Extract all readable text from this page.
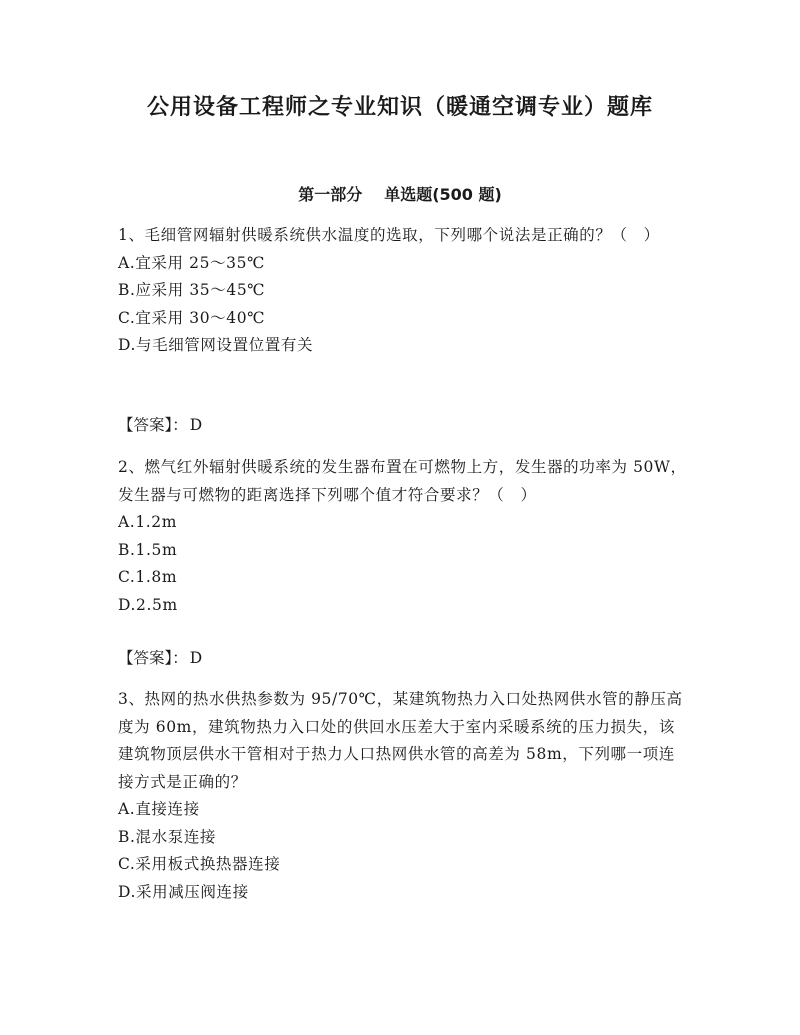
公用设备工程师之专业知识（暖通空调专业）题库
第一部分 单选题(500 题)

1、毛细管网辐射供暖系统供水温度的选取，下列哪个说法是正确的？（　）

A.宜采用 25～35℃

B.应采用 35～45℃

C.宜采用 30～40℃

D.与毛细管网设置位置有关

【答案】： D

2、燃气红外辐射供暖系统的发生器布置在可燃物上方，发生器的功率为 50W，发生器与可燃物的距离选择下列哪个值才符合要求？（　）

A.1.2m

B.1.5m

C.1.8m

D.2.5m

【答案】： D

3、热网的热水供热参数为 95/70℃，某建筑物热力入口处热网供水管的静压高度为 60m，建筑物热力入口处的供回水压差大于室内采暖系统的压力损失，该建筑物顶层供水干管相对于热力人口热网供水管的高差为 58m，下列哪一项连接方式是正确的？

A.直接连接

B.混水泵连接

C.采用板式换热器连接

D.采用减压阀连接
